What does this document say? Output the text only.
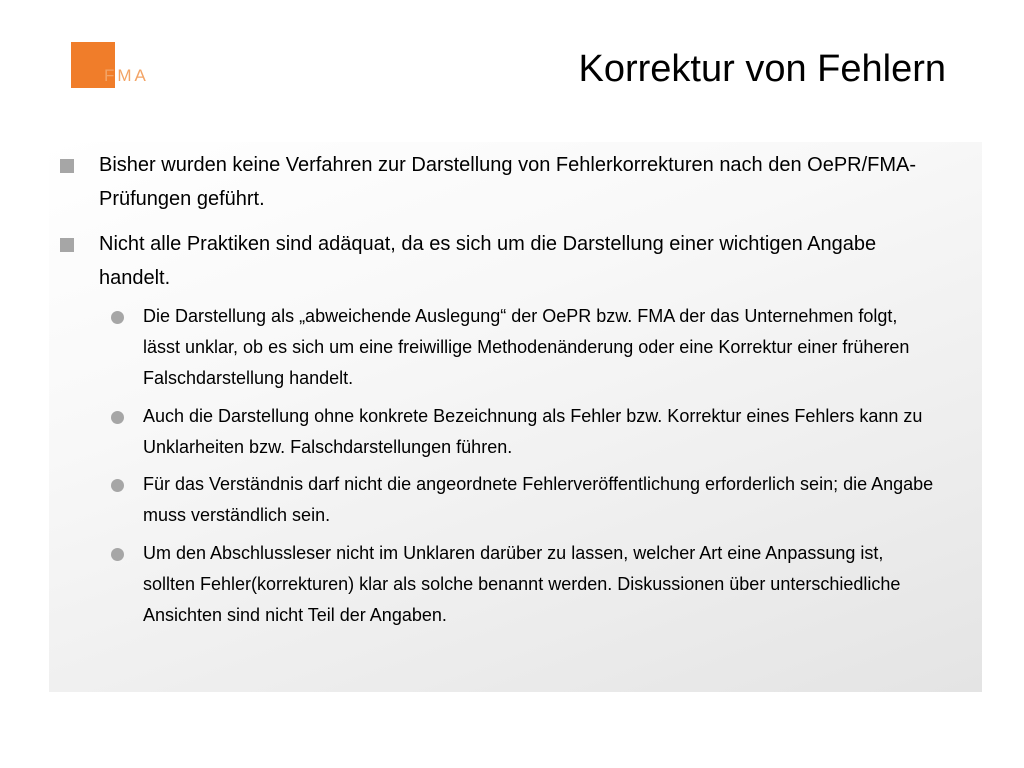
FMA	Korrektur von Fehlern
Bisher wurden keine Verfahren zur Darstellung von Fehlerkorrekturen nach den OePR/FMA-Prüfungen geführt.
Nicht alle Praktiken sind adäquat, da es sich um die Darstellung einer wichtigen Angabe handelt.
Die Darstellung als „abweichende Auslegung“ der OePR bzw. FMA der das Unternehmen folgt, lässt unklar, ob es sich um eine freiwillige Methodenänderung oder eine Korrektur einer früheren Falschdarstellung handelt.
Auch die Darstellung ohne konkrete Bezeichnung als Fehler bzw. Korrektur eines Fehlers kann zu Unklarheiten bzw. Falschdarstellungen führen.
Für das Verständnis darf nicht die angeordnete Fehlerveröffentlichung erforderlich sein; die Angabe muss verständlich sein.
Um den Abschlussleser nicht im Unklaren darüber zu lassen, welcher Art eine Anpassung ist, sollten Fehler(korrekturen) klar als solche benannt werden. Diskussionen über unterschiedliche Ansichten sind nicht Teil der Angaben.
